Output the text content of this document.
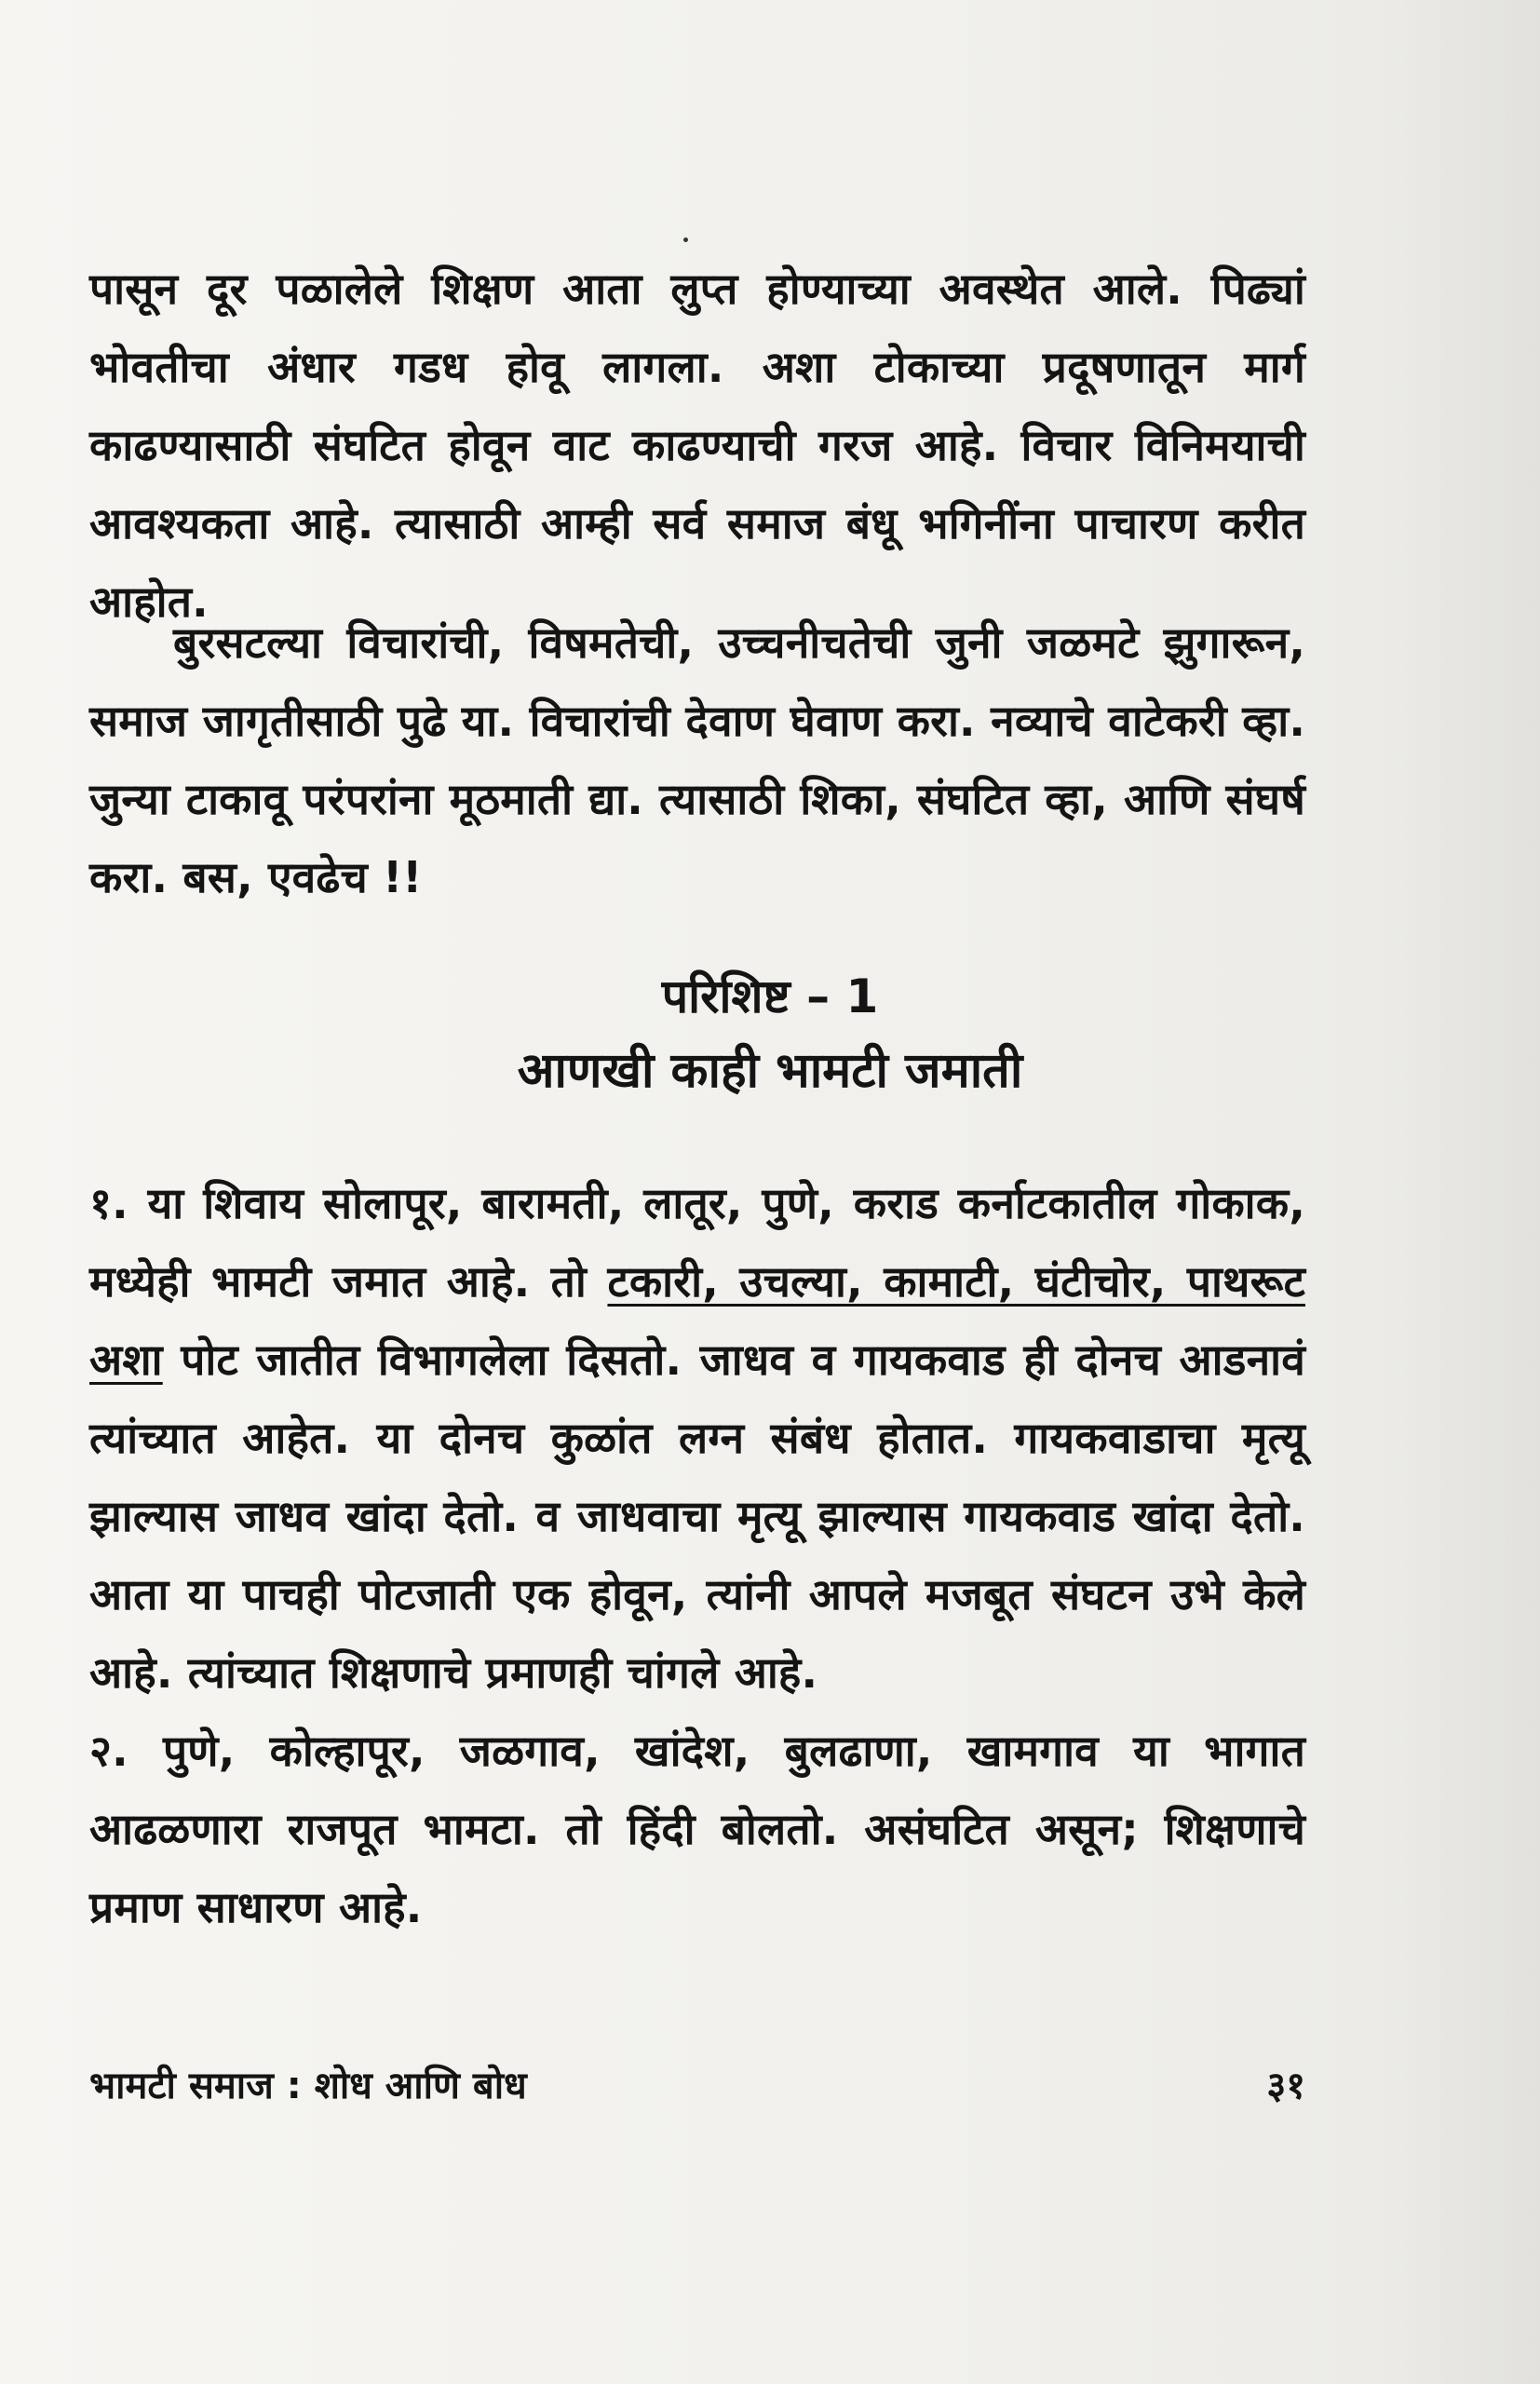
पासून दूर पळालेले शिक्षण आता लुप्त होण्याच्या अवस्थेत आले. पिढ्यां भोवतीचा अंधार गडध होवू लागला. अशा टोकाच्या प्रदूषणातून मार्ग काढण्यासाठी संघटित होवून वाट काढण्याची गरज आहे. विचार विनिमयाची आवश्यकता आहे. त्यासाठी आम्ही सर्व समाज बंधू भगिनींना पाचारण करीत आहोत.

बुरसटल्या विचारांची, विषमतेची, उच्चनीचतेची जुनी जळमटे झुगारून, समाज जागृतीसाठी पुढे या. विचारांची देवाण घेवाण करा. नव्याचे वाटेकरी व्हा. जुन्या टाकावू परंपरांना मूठमाती द्या. त्यासाठी शिका, संघटित व्हा, आणि संघर्ष करा. बस, एवढेच !!

परिशिष्ट – 1
आणखी काही भामटी जमाती

१. या शिवाय सोलापूर, बारामती, लातूर, पुणे, कराड कर्नाटकातील गोकाक, मध्येही भामटी जमात आहे. तो टकारी, उचल्या, कामाटी, घंटीचोर, पाथरूट अशा पोट जातीत विभागलेला दिसतो. जाधव व गायकवाड ही दोनच आडनावं त्यांच्यात आहेत. या दोनच कुळांत लग्न संबंध होतात. गायकवाडाचा मृत्यू झाल्यास जाधव खांदा देतो. व जाधवाचा मृत्यू झाल्यास गायकवाड खांदा देतो. आता या पाचही पोटजाती एक होवून, त्यांनी आपले मजबूत संघटन उभे केले आहे. त्यांच्यात शिक्षणाचे प्रमाणही चांगले आहे.

२. पुणे, कोल्हापूर, जळगाव, खांदेश, बुलढाणा, खामगाव या भागात आढळणारा राजपूत भामटा. तो हिंदी बोलतो. असंघटित असून; शिक्षणाचे प्रमाण साधारण आहे.

भामटी समाज : शोध आणि बोध	३१
